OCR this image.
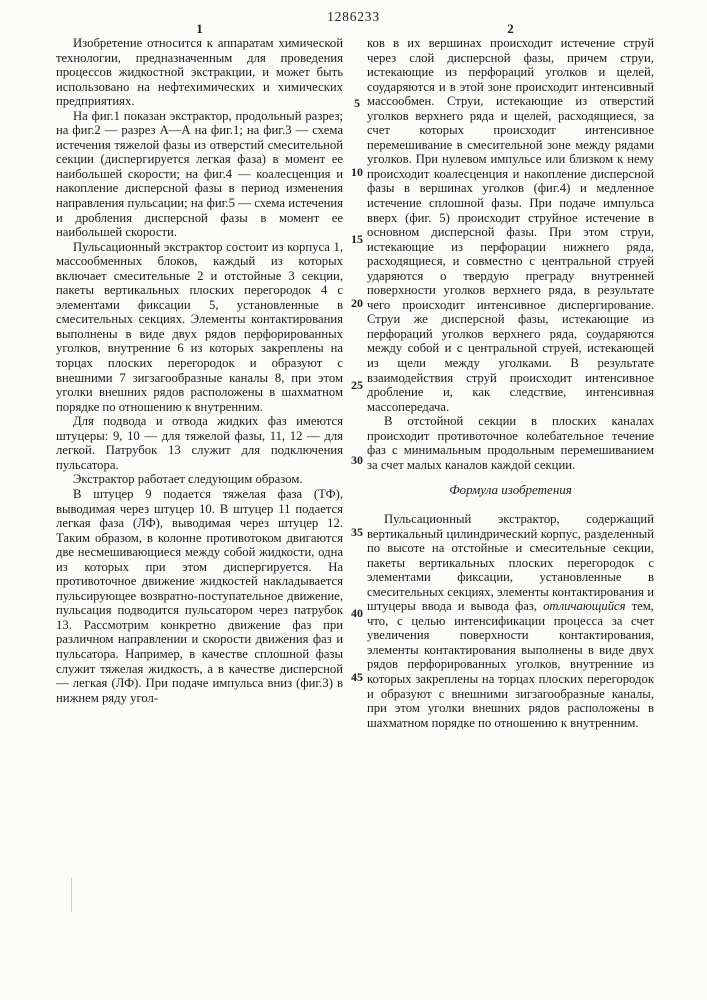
1286233
1	2
5
10
15
20
25
30
35
40
45

Изобретение относится к аппаратам химической технологии, предназначенным для проведения процессов жидкостной экстракции, и может быть использовано на нефтехимических и химических предприятиях.

На фиг.1 показан экстрактор, продольный разрез; на фиг.2 — разрез А—А на фиг.1; на фиг.3 — схема истечения тяжелой фазы из отверстий смесительной секции (диспергируется легкая фаза) в момент ее наибольшей скорости; на фиг.4 — коалесценция и накопление дисперсной фазы в период изменения направления пульсации; на фиг.5 — схема истечения и дробления дисперсной фазы в момент ее наибольшей скорости.

Пульсационный экстрактор состоит из корпуса 1, массообменных блоков, каждый из которых включает смесительные 2 и отстойные 3 секции, пакеты вертикальных плоских перегородок 4 с элементами фиксации 5, установленные в смесительных секциях. Элементы контактирования выполнены в виде двух рядов перфорированных уголков, внутренние 6 из которых закреплены на торцах плоских перегородок и образуют с внешними 7 зигзагообразные каналы 8, при этом уголки внешних рядов расположены в шахматном порядке по отношению к внутренним.

Для подвода и отвода жидких фаз имеются штуцеры: 9, 10 — для тяжелой фазы, 11, 12 — для легкой. Патрубок 13 служит для подключения пульсатора.

Экстрактор работает следующим образом.

В штуцер 9 подается тяжелая фаза (ТФ), выводимая через штуцер 10. В штуцер 11 подается легкая фаза (ЛФ), выводимая через штуцер 12. Таким образом, в колонне противотоком двигаются две несмешивающиеся между собой жидкости, одна из которых при этом диспергируется. На противоточное движение жидкостей накладывается пульсирующее возвратно-поступательное движение, пульсация подводится пульсатором через патрубок 13. Рассмотрим конкретно движение фаз при различном направлении и скорости движения фаз и пульсатора. Например, в качестве сплошной фазы служит тяжелая жидкость, а в качестве дисперсной — легкая (ЛФ). При подаче импульса вниз (фиг.3) в нижнем ряду угол-

ков в их вершинах происходит истечение струй через слой дисперсной фазы, причем струи, истекающие из перфораций уголков и щелей, соударяются и в этой зоне происходит интенсивный массообмен. Струи, истекающие из отверстий уголков верхнего ряда и щелей, расходящиеся, за счет которых происходит интенсивное перемешивание в смесительной зоне между рядами уголков. При нулевом импульсе или близком к нему происходит коалесценция и накопление дисперсной фазы в вершинах уголков (фиг.4) и медленное истечение сплошной фазы. При подаче импульса вверх (фиг. 5) происходит струйное истечение в основном дисперсной фазы. При этом струи, истекающие из перфорации нижнего ряда, расходящиеся, и совместно с центральной струей ударяются о твердую преграду внутренней поверхности уголков верхнего ряда, в результате чего происходит интенсивное диспергирование. Струи же дисперсной фазы, истекающие из перфораций уголков верхнего ряда, соударяются между собой и с центральной струей, истекающей из щели между уголками. В результате взаимодействия струй происходит интенсивное дробление и, как следствие, интенсивная массопередача.

В отстойной секции в плоских каналах происходит противоточное колебательное течение фаз с минимальным продольным перемешиванием за счет малых каналов каждой секции.

Формула изобретения

Пульсационный экстрактор, содержащий вертикальный цилиндрический корпус, разделенный по высоте на отстойные и смесительные секции, пакеты вертикальных плоских перегородок с элементами фиксации, установленные в смесительных секциях, элементы контактирования и штуцеры ввода и вывода фаз, отличающийся тем, что, с целью интенсификации процесса за счет увеличения поверхности контактирования, элементы контактирования выполнены в виде двух рядов перфорированных уголков, внутренние из которых закреплены на торцах плоских перегородок и образуют с внешними зигзагообразные каналы, при этом уголки внешних рядов расположены в шахматном порядке по отношению к внутренним.
